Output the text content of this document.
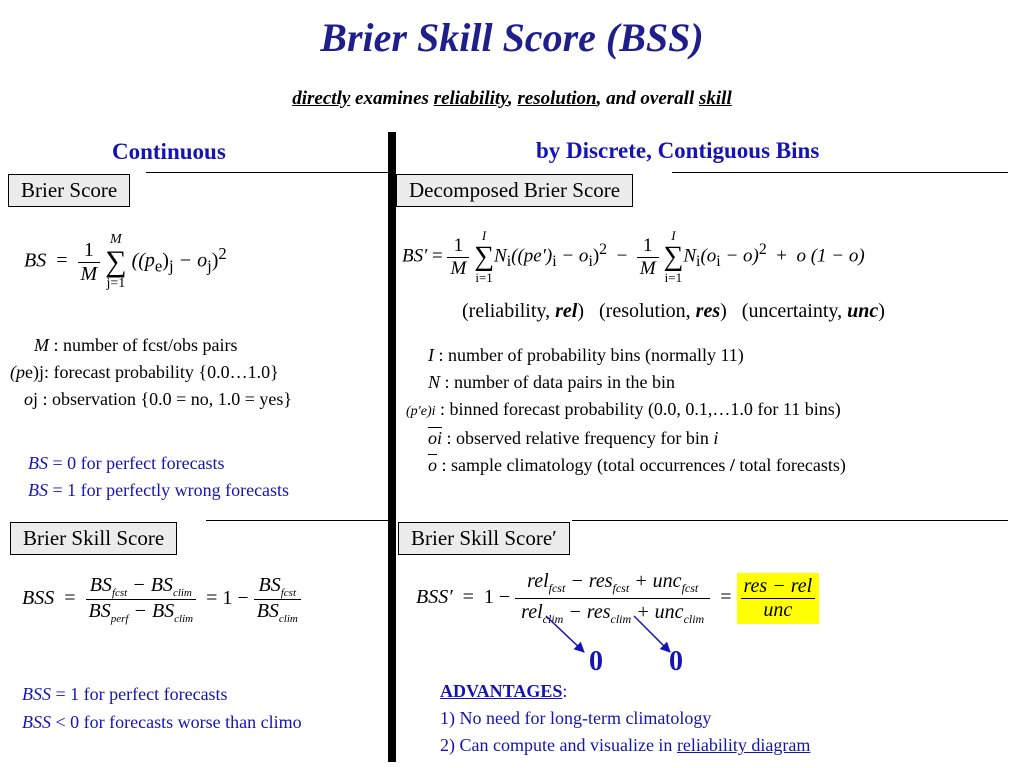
Brier Skill Score (BSS)
directly examines reliability, resolution, and overall skill
Continuous	by Discrete, Contiguous Bins
Brier Score
BS = $\frac{1}{M}$
M
∑
j=1
$((p_e)_j - o_j)^2$
M : number of fcst/obs pairs
(pe)j: forecast probability {0.0…1.0}
oj : observation {0.0 = no, 1.0 = yes}
BS = 0 for perfect forecasts
BS = 1 for perfectly wrong forecasts
Brier Skill Score
BSS = $\frac{BS_{fcst} - BS_{clim}}{BS_{perf} - BS_{clim}} = 1 - \frac{BS_{fcst}}{BS_{clim}}$
BSS = 1 for perfect forecasts
BSS < 0 for forecasts worse than climo
Decomposed Brier Score
$BS' = \frac{1}{M}$
I
∑
i=1
$N_i((pe')_i - o_i)^2 - \frac{1}{M}$
I
∑
i=1
$N_i(o_i - o)^2 + o$ (1 − o)
(reliability, rel) (resolution, res) (uncertainty, unc)
I : number of probability bins (normally 11)
N : number of data pairs in the bin
(p′e)i : binned forecast probability (0.0, 0.1,…1.0 for 11 bins)
$\overline{oi}$ : observed relative frequency for bin i
$\overline{o}$ : sample climatology (total occurrences / total forecasts)
Brier Skill Score′
$BSS' = 1 - \frac{rel_{fcst} - res_{fcst} + unc_{fcst}}{rel_{clim} - res_{clim} + unc_{clim}} = \frac{\text{res − rel}}{\text{unc}}$
0 0
ADVANTAGES:
1) No need for long-term climatology
2) Can compute and visualize in reliability diagram
